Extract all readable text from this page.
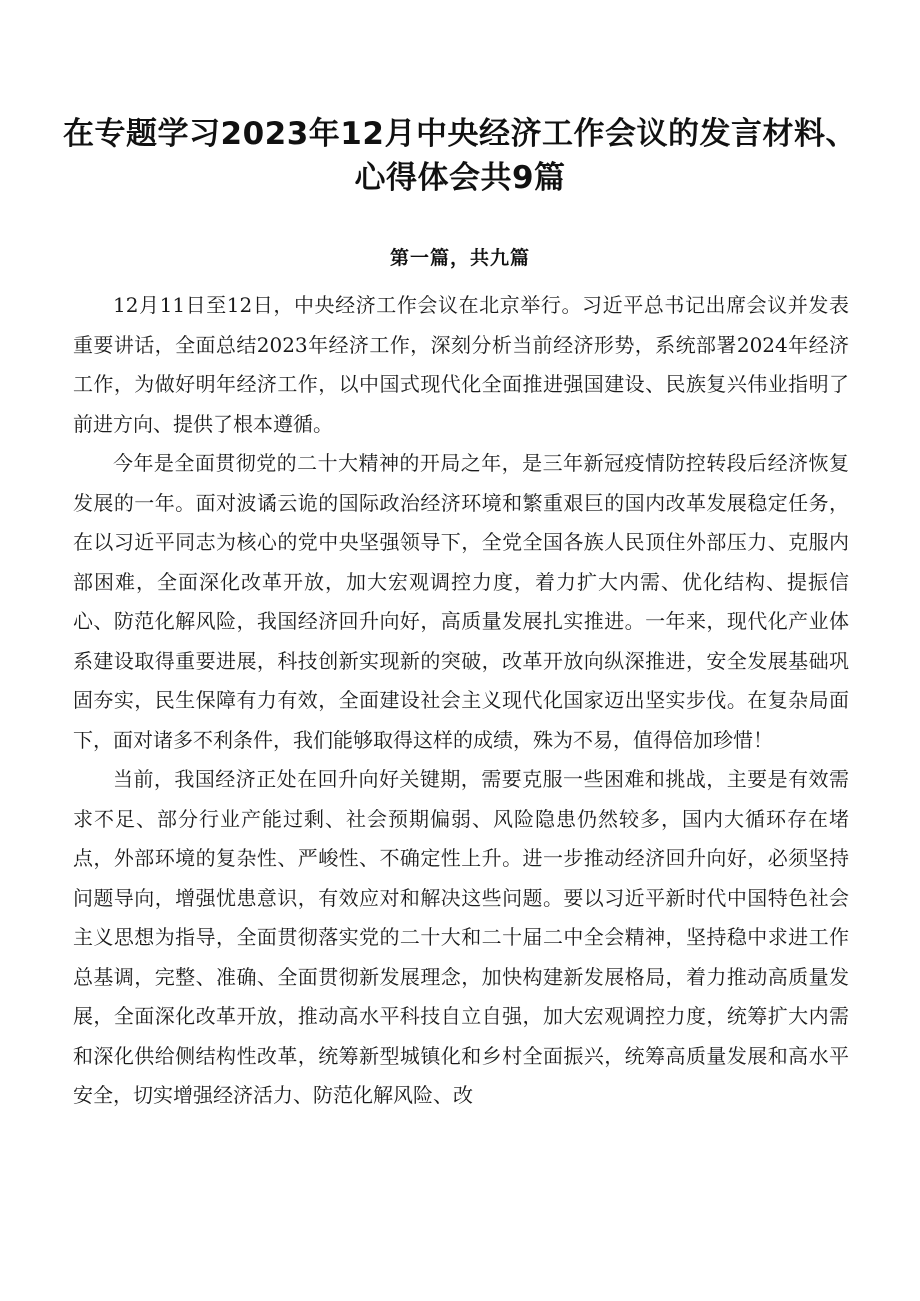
在专题学习2023年12月中央经济工作会议的发言材料、心得体会共9篇
第一篇，共九篇

12月11日至12日，中央经济工作会议在北京举行。习近平总书记出席会议并发表重要讲话，全面总结2023年经济工作，深刻分析当前经济形势，系统部署2024年经济工作，为做好明年经济工作，以中国式现代化全面推进强国建设、民族复兴伟业指明了前进方向、提供了根本遵循。

今年是全面贯彻党的二十大精神的开局之年，是三年新冠疫情防控转段后经济恢复发展的一年。面对波谲云诡的国际政治经济环境和繁重艰巨的国内改革发展稳定任务，在以习近平同志为核心的党中央坚强领导下，全党全国各族人民顶住外部压力、克服内部困难，全面深化改革开放，加大宏观调控力度，着力扩大内需、优化结构、提振信心、防范化解风险，我国经济回升向好，高质量发展扎实推进。一年来，现代化产业体系建设取得重要进展，科技创新实现新的突破，改革开放向纵深推进，安全发展基础巩固夯实，民生保障有力有效，全面建设社会主义现代化国家迈出坚实步伐。在复杂局面下，面对诸多不利条件，我们能够取得这样的成绩，殊为不易，值得倍加珍惜！

当前，我国经济正处在回升向好关键期，需要克服一些困难和挑战，主要是有效需求不足、部分行业产能过剩、社会预期偏弱、风险隐患仍然较多，国内大循环存在堵点，外部环境的复杂性、严峻性、不确定性上升。进一步推动经济回升向好，必须坚持问题导向，增强忧患意识，有效应对和解决这些问题。要以习近平新时代中国特色社会主义思想为指导，全面贯彻落实党的二十大和二十届二中全会精神，坚持稳中求进工作总基调，完整、准确、全面贯彻新发展理念，加快构建新发展格局，着力推动高质量发展，全面深化改革开放，推动高水平科技自立自强，加大宏观调控力度，统筹扩大内需和深化供给侧结构性改革，统筹新型城镇化和乡村全面振兴，统筹高质量发展和高水平安全，切实增强经济活力、防范化解风险、改
